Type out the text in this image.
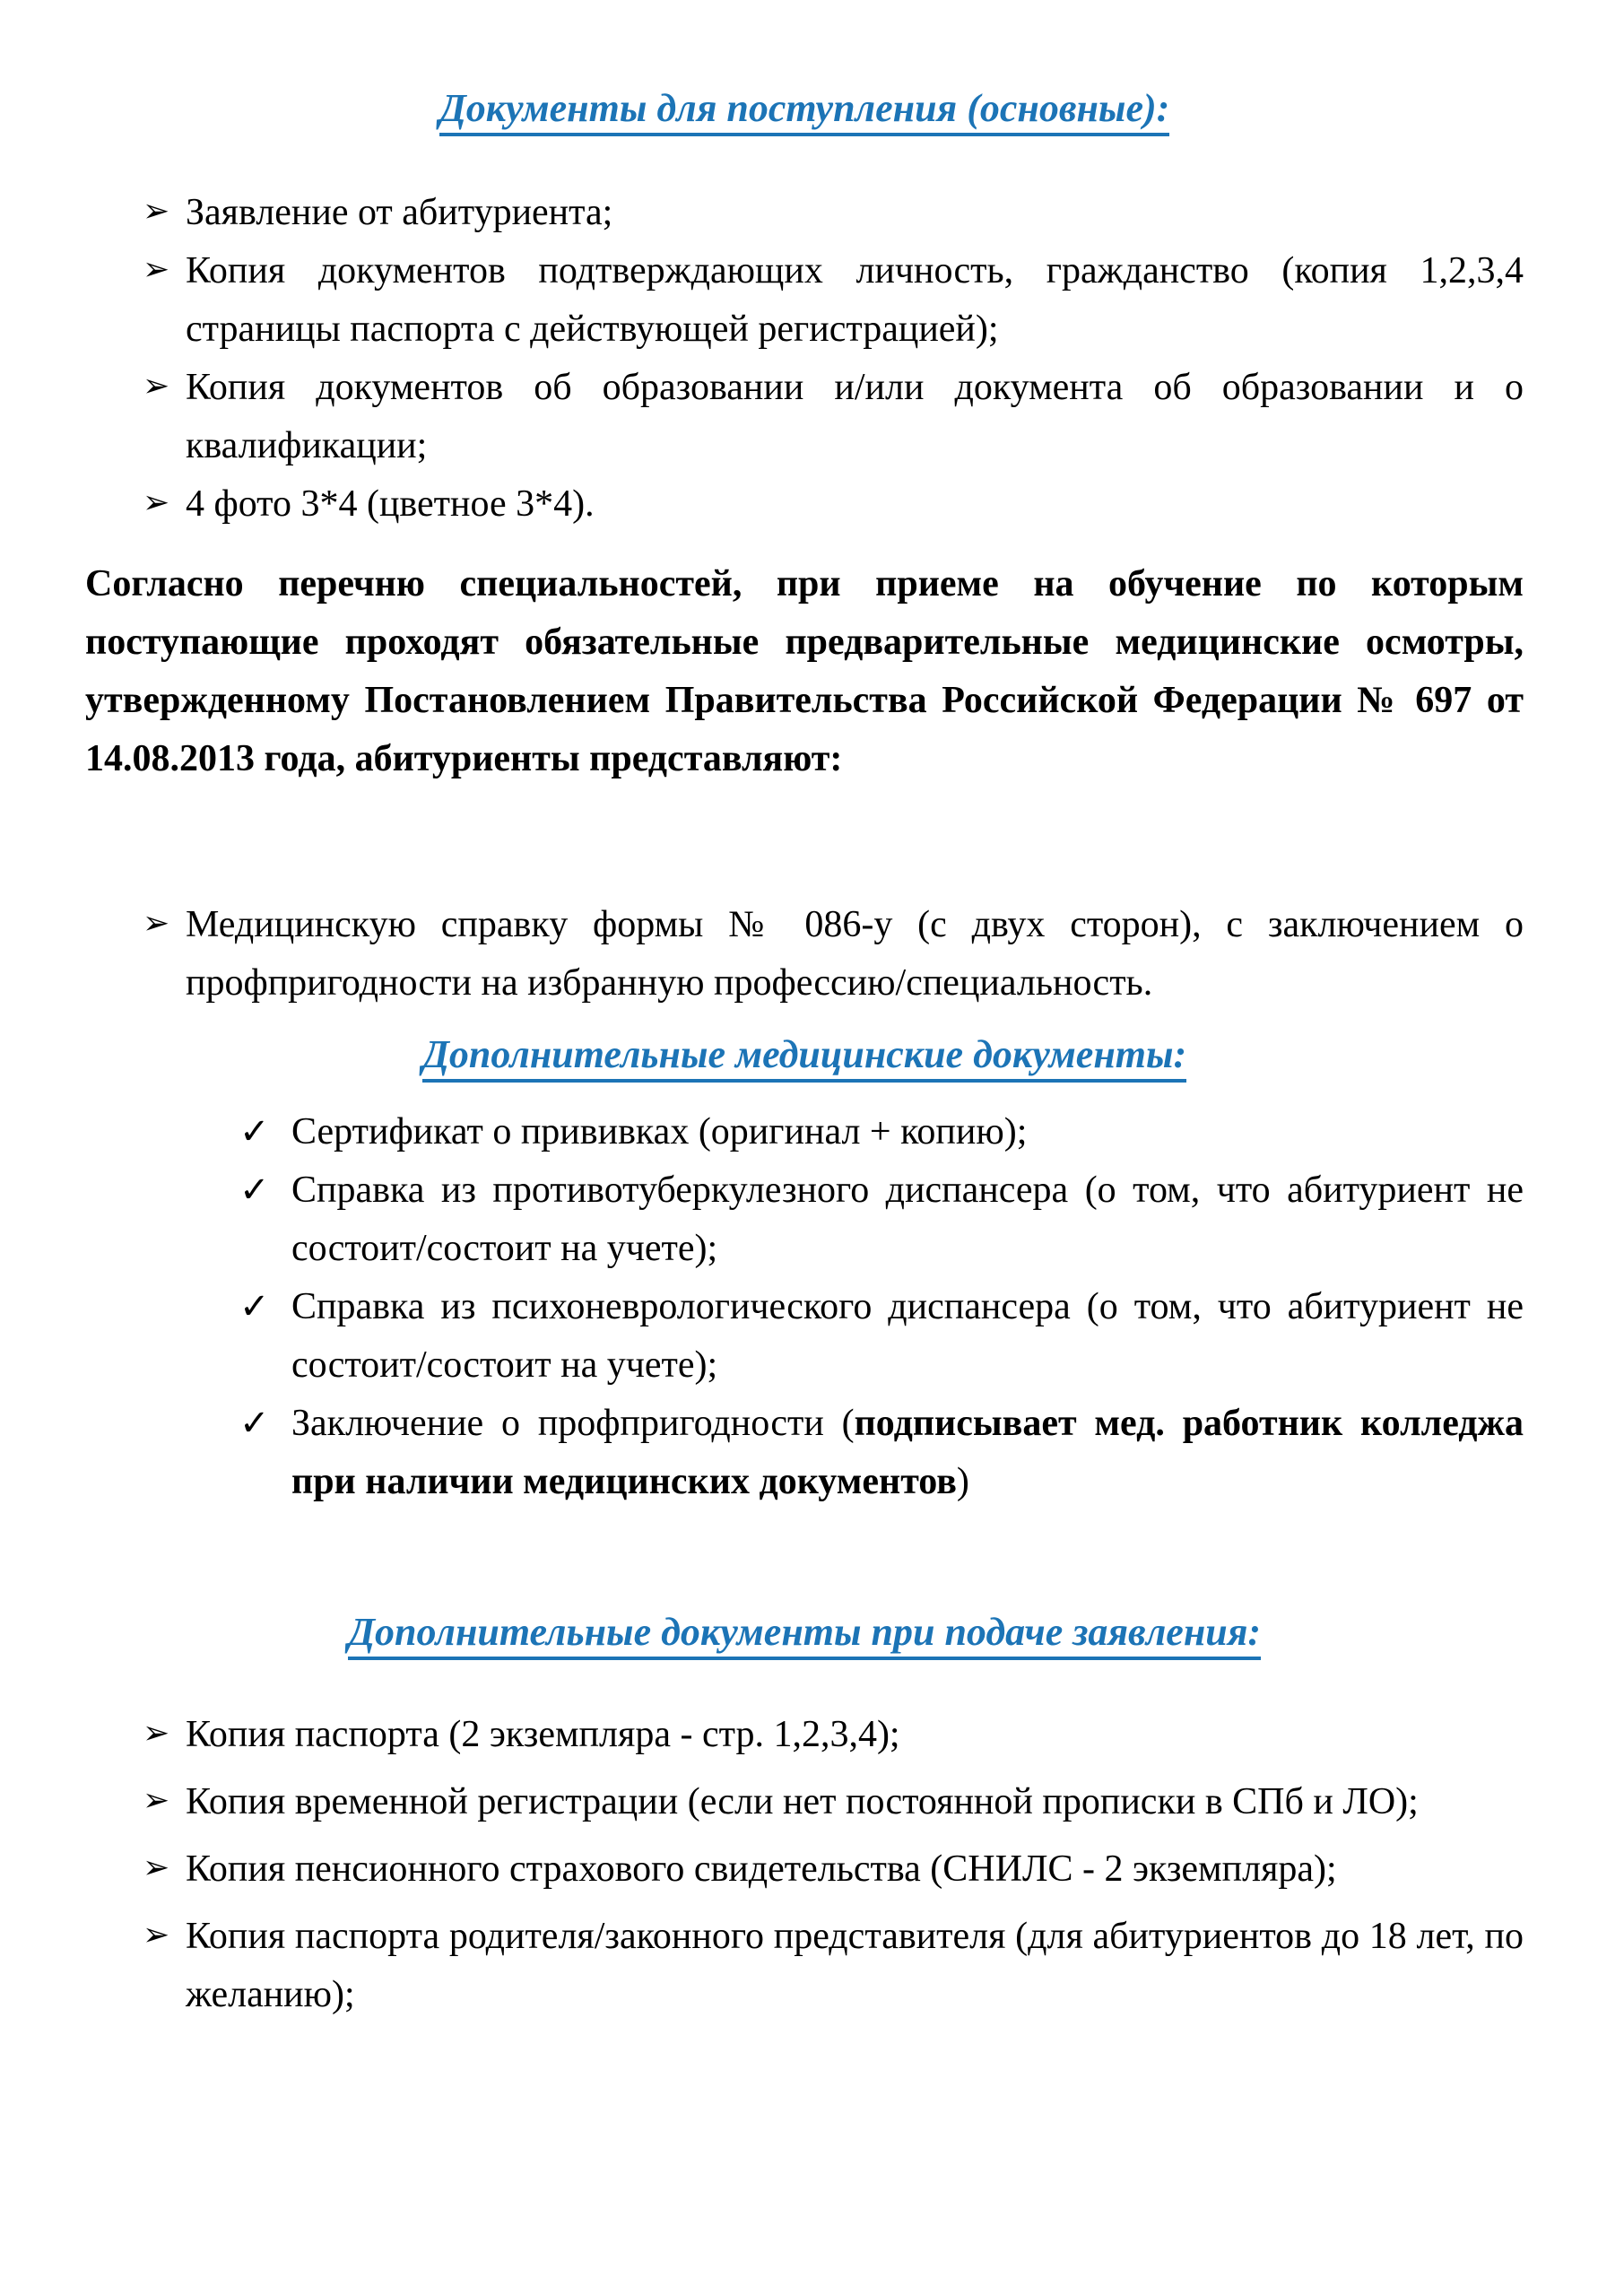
Документы для поступления (основные):
➢ Заявление от абитуриента;
➢ Копия документов подтверждающих личность, гражданство (копия 1,2,3,4 страницы паспорта с действующей регистрацией);
➢ Копия документов об образовании и/или документа об образовании и о квалификации;
➢ 4 фото 3*4 (цветное 3*4).

Согласно перечню специальностей, при приеме на обучение по которым поступающие проходят обязательные предварительные медицинские осмотры, утвержденному Постановлением Правительства Российской Федерации № 697 от 14.08.2013 года, абитуриенты представляют:

➢ Медицинскую справку формы № 086-у (с двух сторон), с заключением о профпригодности на избранную профессию/специальность.
Дополнительные медицинские документы:
✓ Сертификат о прививках (оригинал + копию);
✓ Справка из противотуберкулезного диспансера (о том, что абитуриент не состоит/состоит на учете);
✓ Справка из психоневрологического диспансера (о том, что абитуриент не состоит/состоит на учете);
✓ Заключение о профпригодности (подписывает мед. работник колледжа при наличии медицинских документов)
Дополнительные документы при подаче заявления:
➢ Копия паспорта (2 экземпляра - стр. 1,2,3,4);
➢ Копия временной регистрации (если нет постоянной прописки в СПб и ЛО);
➢ Копия пенсионного страхового свидетельства (СНИЛС - 2 экземпляра);
➢ Копия паспорта родителя/законного представителя (для абитуриентов до 18 лет, по желанию);
